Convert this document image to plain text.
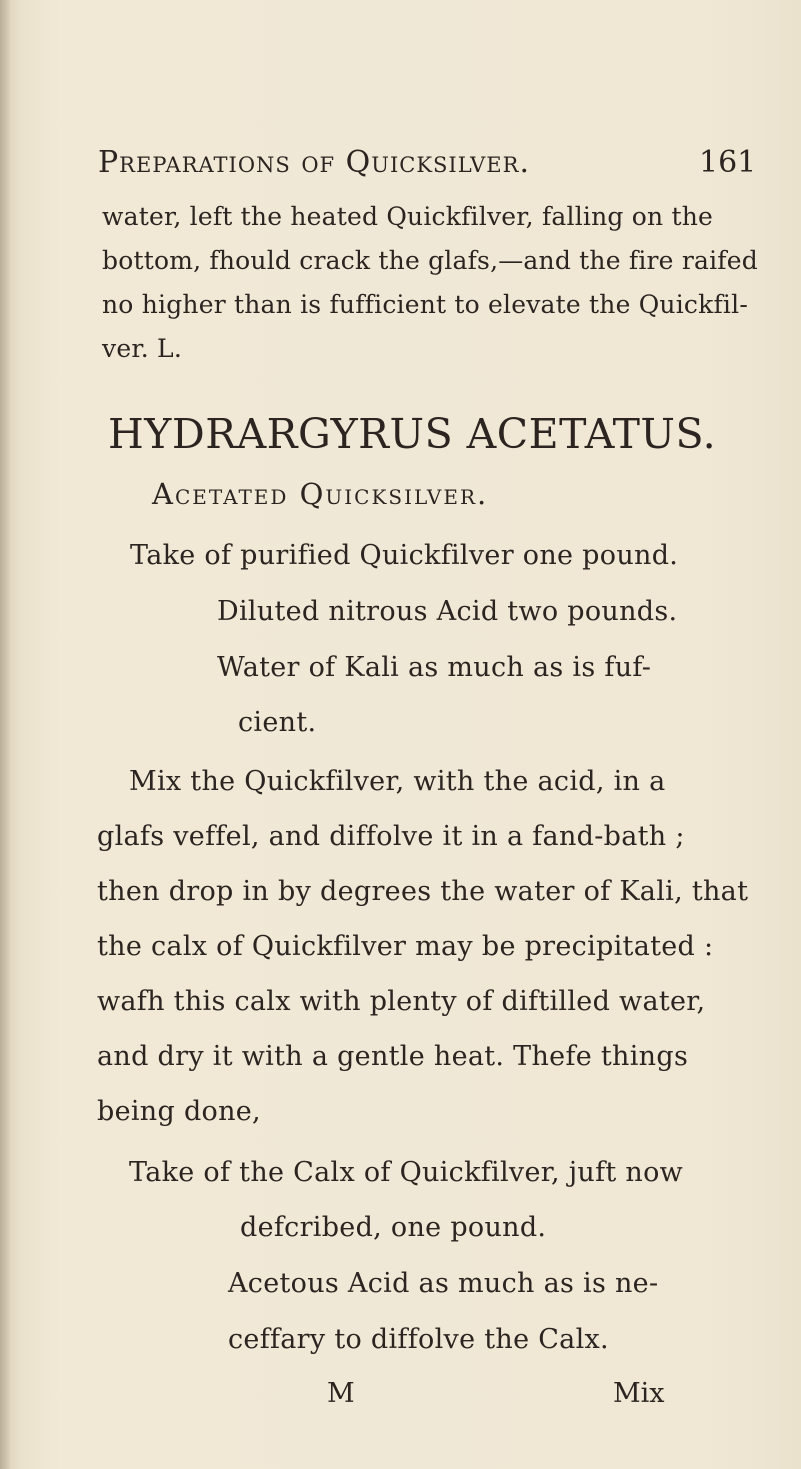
Preparations of Quicksilver.	161
water, left the heated Quickfilver, falling on the
bottom, fhould crack the glafs,—and the fire raifed
no higher than is fufficient to elevate the Quickfil-
ver. L.
HYDRARGYRUS ACETATUS.
Acetated Quicksilver.
Take of purified Quickfilver one pound.
Diluted nitrous Acid two pounds.
Water of Kali as much as is fuf-
cient.
Mix the Quickfilver, with the acid, in a
glafs veffel, and diffolve it in a fand-bath ;
then drop in by degrees the water of Kali, that
the calx of Quickfilver may be precipitated :
wafh this calx with plenty of diftilled water,
and dry it with a gentle heat. Thefe things
being done,
Take of the Calx of Quickfilver, juft now
defcribed, one pound.
Acetous Acid as much as is ne-
ceffary to diffolve the Calx.
M	Mix
